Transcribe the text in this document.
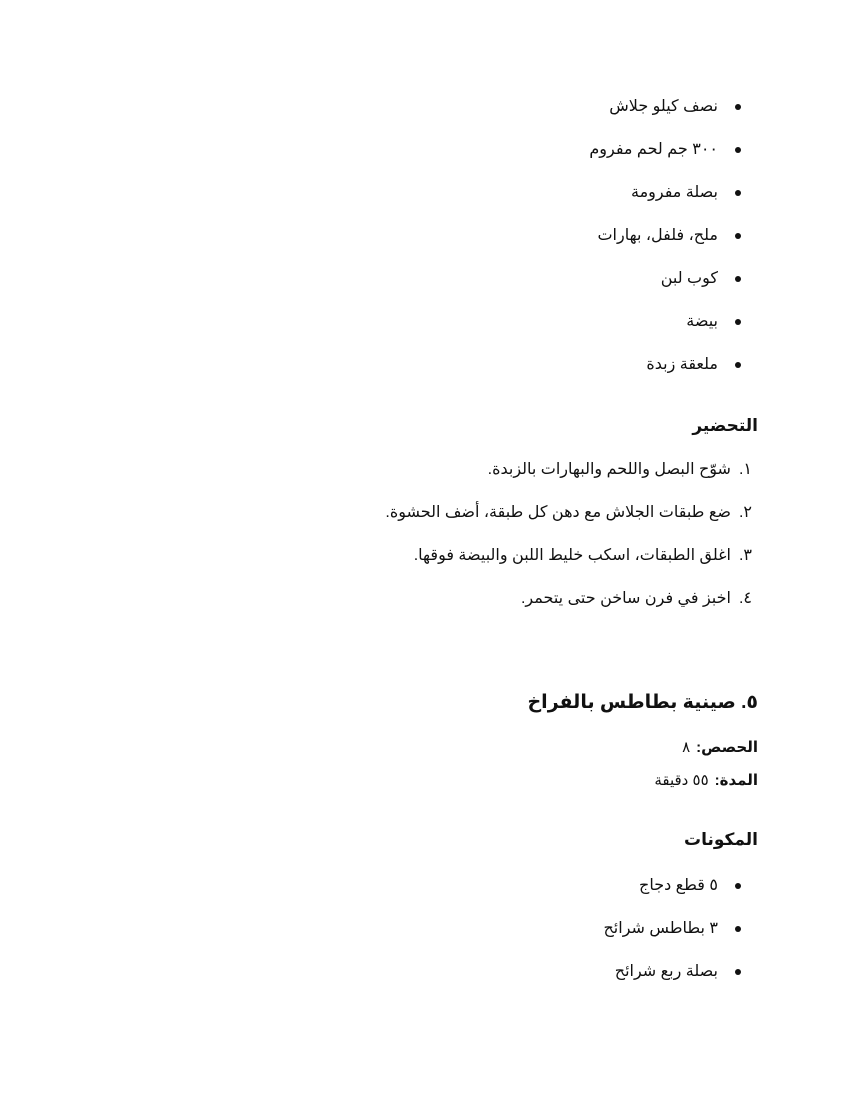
نصف كيلو جلاش
٣٠٠ جم لحم مفروم
بصلة مفرومة
ملح، فلفل، بهارات
كوب لبن
بيضة
ملعقة زبدة
التحضير
١.شوّح البصل واللحم والبهارات بالزبدة.
٢.ضع طبقات الجلاش مع دهن كل طبقة، أضف الحشوة.
٣.اغلق الطبقات، اسكب خليط اللبن والبيضة فوقها.
٤.اخبز في فرن ساخن حتى يتحمر.
٥. صينية بطاطس بالفراخ
الحصص:٨
المدة:٥٥ دقيقة
المكونات
٥ قطع دجاج
٣ بطاطس شرائح
بصلة ربع شرائح
